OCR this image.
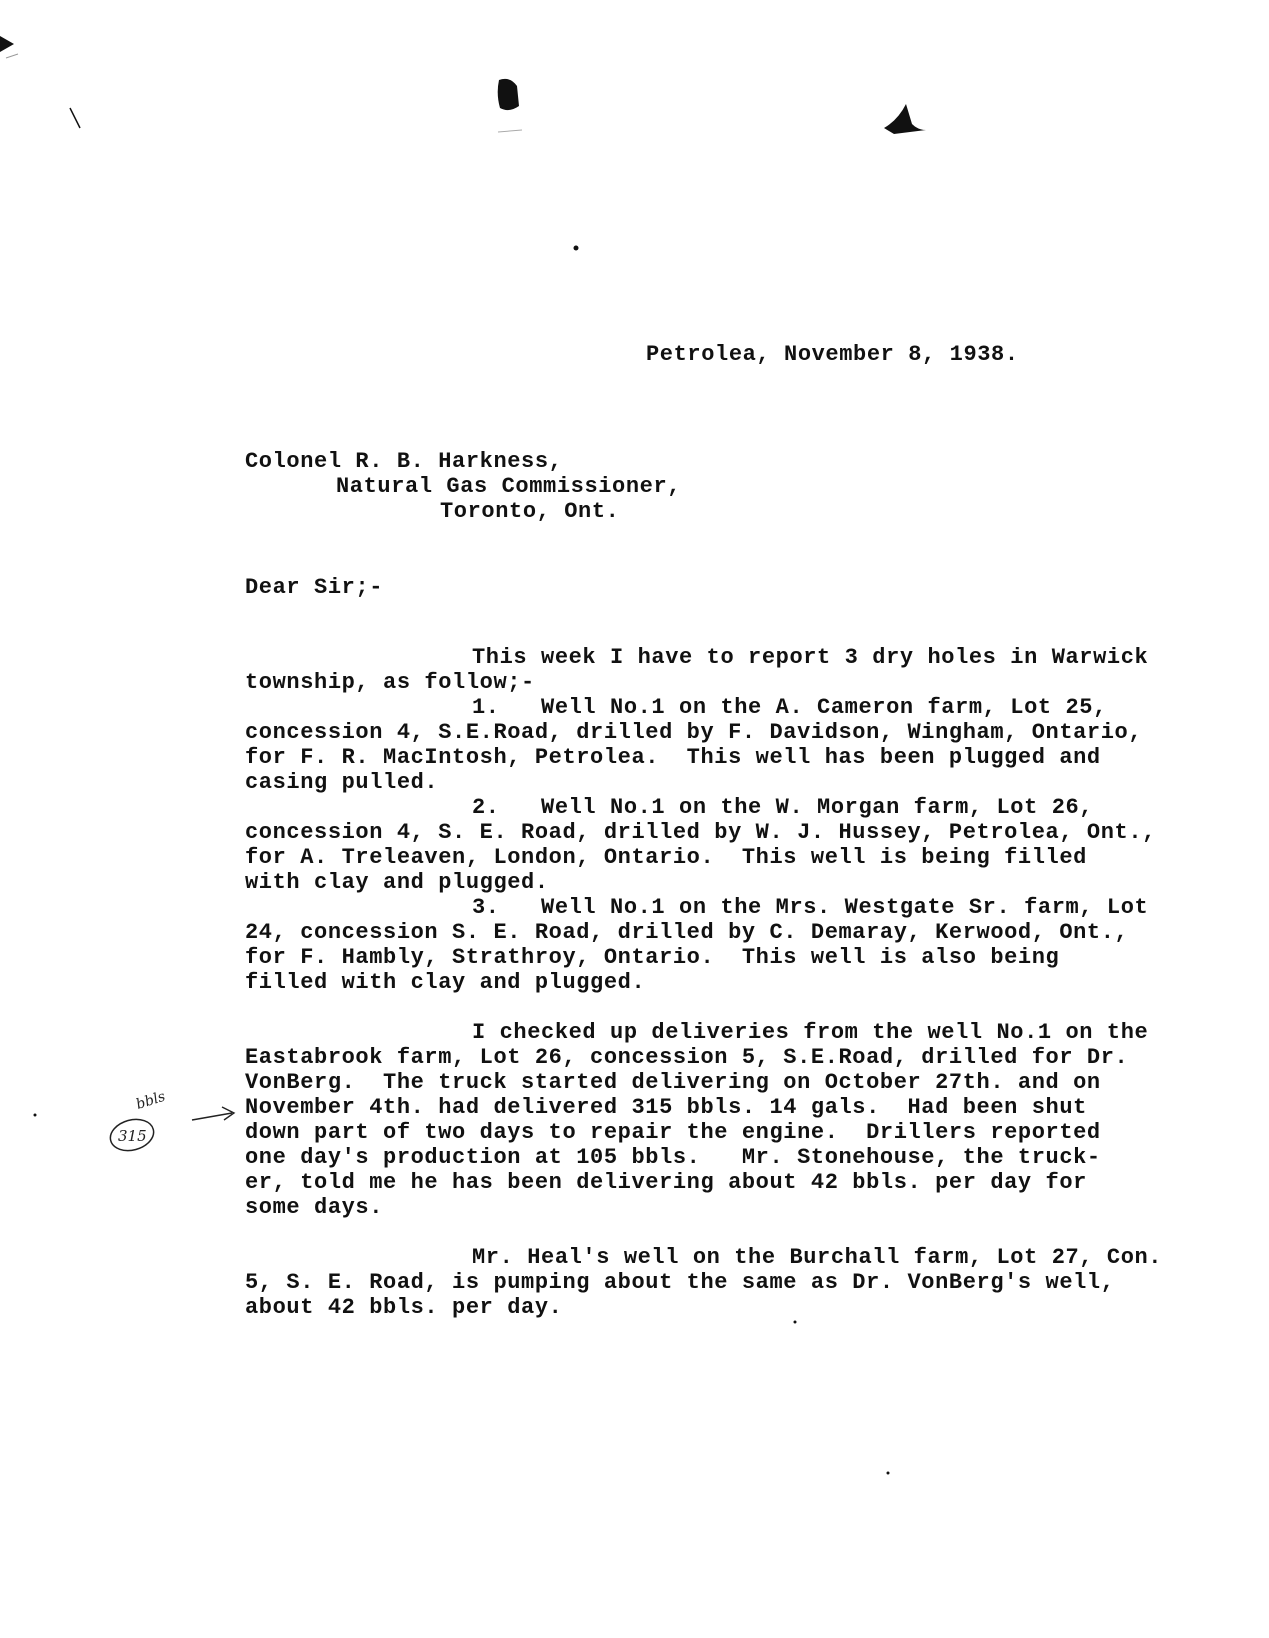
Petrolea, November 8, 1938.
Colonel R. B. Harkness,
Natural Gas Commissioner,
Toronto, Ont.
Dear Sir;-
This week I have to report 3 dry holes in Warwick
township, as follow;-
1.   Well No.1 on the A. Cameron farm, Lot 25,
concession 4, S.E.Road, drilled by F. Davidson, Wingham, Ontario,
for F. R. MacIntosh, Petrolea.  This well has been plugged and
casing pulled.
2.   Well No.1 on the W. Morgan farm, Lot 26,
concession 4, S. E. Road, drilled by W. J. Hussey, Petrolea, Ont.,
for A. Treleaven, London, Ontario.  This well is being filled
with clay and plugged.
3.   Well No.1 on the Mrs. Westgate Sr. farm, Lot
24, concession S. E. Road, drilled by C. Demaray, Kerwood, Ont.,
for F. Hambly, Strathroy, Ontario.  This well is also being
filled with clay and plugged.
I checked up deliveries from the well No.1 on the
Eastabrook farm, Lot 26, concession 5, S.E.Road, drilled for Dr.
VonBerg.  The truck started delivering on October 27th. and on
November 4th. had delivered 315 bbls. 14 gals.  Had been shut
down part of two days to repair the engine.  Drillers reported
one day's production at 105 bbls.   Mr. Stonehouse, the truck-
er, told me he has been delivering about 42 bbls. per day for
some days.
Mr. Heal's well on the Burchall farm, Lot 27, Con.
5, S. E. Road, is pumping about the same as Dr. VonBerg's well,
about 42 bbls. per day.
bbls
315
